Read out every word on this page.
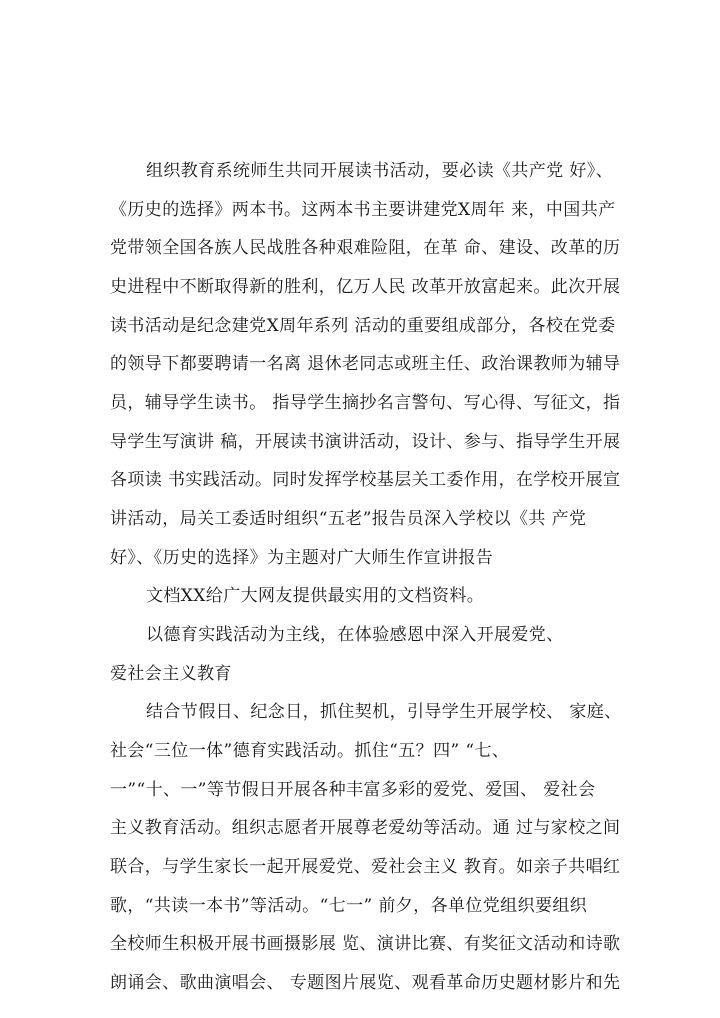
组织教育系统师生共同开展读书活动，要必读《共产党 好》、
《历史的选择》两本书。这两本书主要讲建党Ⅹ周年 来，中国共产
党带领全国各族人民战胜各种艰难险阻，在革 命、建设、改革的历
史进程中不断取得新的胜利，亿万人民 改革开放富起来。此次开展
读书活动是纪念建党Ⅹ周年系列 活动的重要组成部分，各校在党委
的领导下都要聘请一名离 退休老同志或班主任、政治课教师为辅导
员，辅导学生读书。 指导学生摘抄名言警句、写心得、写征文，指
导学生写演讲 稿，开展读书演讲活动，设计、参与、指导学生开展
各项读 书实践活动。同时发挥学校基层关工委作用，在学校开展宣
讲活动，局关工委适时组织“五老”报告员深入学校以《共 产党
好》、《历史的选择》为主题对广大师生作宣讲报告
文档XX给广大网友提供最实用的文档资料。
以德育实践活动为主线，在体验感恩中深入开展爱党、
爱社会主义教育
结合节假日、纪念日，抓住契机，引导学生开展学校、 家庭、
社会“三位一体”德育实践活动。抓住“五？四” “七、
一”“十、一”等节假日开展各种丰富多彩的爱党、爱国、 爱社会
主义教育活动。组织志愿者开展尊老爱幼等活动。通 过与家校之间
联合，与学生家长一起开展爱党、爱社会主义 教育。如亲子共唱红
歌，“共读一本书”等活动。“七一” 前夕，各单位党组织要组织
全校师生积极开展书画摄影展 览、演讲比赛、有奖征文活动和诗歌
朗诵会、歌曲演唱会、 专题图片展览、观看革命历史题材影片和先
